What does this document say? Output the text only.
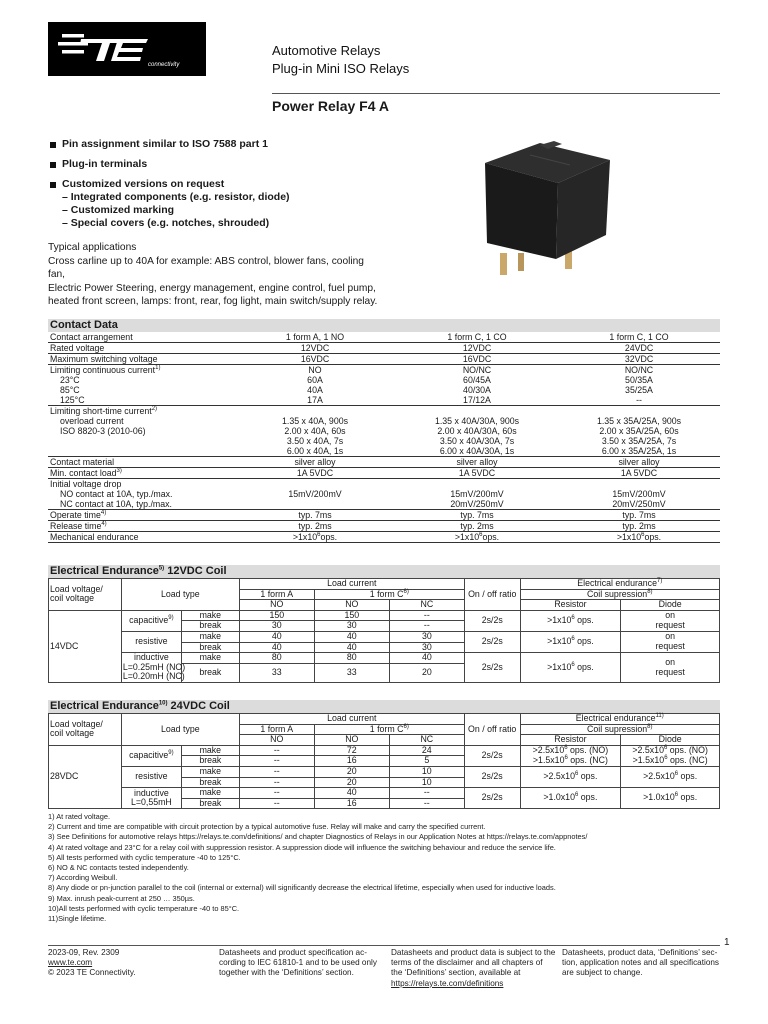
connectivity
Automotive Relays
Plug-in Mini ISO Relays
Power Relay F4 A
Pin assignment similar to ISO 7588 part 1
Plug-in terminals
Customized versions on request
– Integrated components (e.g. resistor, diode)
– Customized marking
– Special covers (e.g. notches, shrouded)
Typical applications
Cross carline up to 40A for example: ABS control, blower fans, cooling fan,
Electric Power Steering, energy management, engine control, fuel pump,
heated front screen, lamps: front, rear, fog light, main switch/supply relay.
Contact Data
Contact arrangement	1 form A, 1 NO	1 form C, 1 CO	1 form C, 1 CO
Rated voltage	12VDC	12VDC	24VDC
Maximum switching voltage	16VDC	16VDC	32VDC
Limiting continuous current$^{1)}$	NO	NO/NC	NO/NC
23°C	60A	60/45A	50/35A
85°C	40A	40/30A	35/25A
125°C	17A	17/12A	--
Limiting short-time current$^{2)}$			
overload current	1.35 x 40A, 900s	1.35 x 40A/30A, 900s	1.35 x 35A/25A, 900s
ISO 8820-3 (2010-06)	2.00 x 40A, 60s	2.00 x 40A/30A, 60s	2.00 x 35A/25A, 60s
	3.50 x 40A, 7s	3.50 x 40A/30A, 7s	3.50 x 35A/25A, 7s
	6.00 x 40A, 1s	6.00 x 40A/30A, 1s	6.00 x 35A/25A, 1s
Contact material	silver alloy	silver alloy	silver alloy
Min. contact load$^{3)}$	1A 5VDC	1A 5VDC	1A 5VDC
Initial voltage drop			
NO contact at 10A, typ./max.	15mV/200mV	15mV/200mV	15mV/200mV
NC contact at 10A, typ./max.		20mV/250mV	20mV/250mV
Operate time$^{4)}$	typ. 7ms	typ. 7ms	typ. 7ms
Release time$^{4)}$	typ. 2ms	typ. 2ms	typ. 2ms
Mechanical endurance	$>1x10^6ops$.	$>1x10^6ops$.	$>1x10^6ops$.
Electrical Endurance$^{5)}$ 12VDC Coil
Load voltage/
coil voltage	Load type		Load current			On / off ratio	Electrical endurance$^{7)}$
			1 form A	1 form $C^{6)}$			Coil supression$^{8)}$
			NO	NO	NC		Resistor	Diode
14VDC	capacitive$^{9)}$	make	150	150	--	2s/2s	$>1x10^6$ ops.	on
request
		break	30	30	--			
	resistive	make	40	40	30	2s/2s	$>1x10^6$ ops.	on
request
		break	40	40	30			
	inductive
L=0.25mH (NO)
L=0.20mH (NC)	make	80	80	40	2s/2s	$>1x10^6$ ops.	on
request
		break	33	33	20			

Electrical Endurance$^{10)}$ 24VDC Coil
Load voltage/
coil voltage	Load type		Load current			On / off ratio	Electrical endurance$^{11)}$
			1 form A	1 form $C^{6)}$			Coil supression$^{8)}$
			NO	NO	NC		Resistor	Diode
28VDC	capacitive$^{9)}$	make	--	72	24	2s/2s	$>2.5x10^6$ ops. (NO)
$>1.5x10^6$ ops. (NC)	$>2.5x10^6$ ops. (NO)
$>1.5x10^6$ ops. (NC)
		break	--	16	5			
	resistive	make	--	20	10	2s/2s	$>2.5x10^6$ ops.	$>2.5x10^6$ ops.
		break	--	20	10			
	inductive
L=0,55mH	make	--	40	--	2s/2s	$>1.0x10^6$ ops.	$>1.0x10^6$ ops.
		break	--	16	--			
1) At rated voltage.
2) Current and time are compatible with circuit protection by a typical automotive fuse. Relay will make and carry the specified current.
3) See Definitions for automotive relays https://relays.te.com/definitions/ and chapter Diagnostics of Relays in our Application Notes at https://relays.te.com/appnotes/
4) At rated voltage and 23°C for a relay coil with suppression resistor. A suppression diode will influence the switching behaviour and reduce the service life.
5) All tests performed with cyclic temperature -40 to 125°C.
6) NO & NC contacts tested independently.
7) According Weibull.
8) Any diode or pn-junction parallel to the coil (internal or external) will significantly decrease the electrical lifetime, especially when used for inductive loads.
9) Max. inrush peak-current at 250 … 350µs.
10)All tests performed with cyclic temperature -40 to 85°C.
11)Single lifetime.
1
2023-09, Rev. 2309
www.te.com
© 2023 TE Connectivity.
Datasheets and product specification ac-
cording to IEC 61810-1 and to be used only
together with the ‘Definitions’ section.
Datasheets and product data is subject to the
terms of the disclaimer and all chapters of
the ‘Definitions’ section, available at
https://relays.te.com/definitions
Datasheets, product data, ‘Definitions’ sec-
tion, application notes and all specifications
are subject to change.
